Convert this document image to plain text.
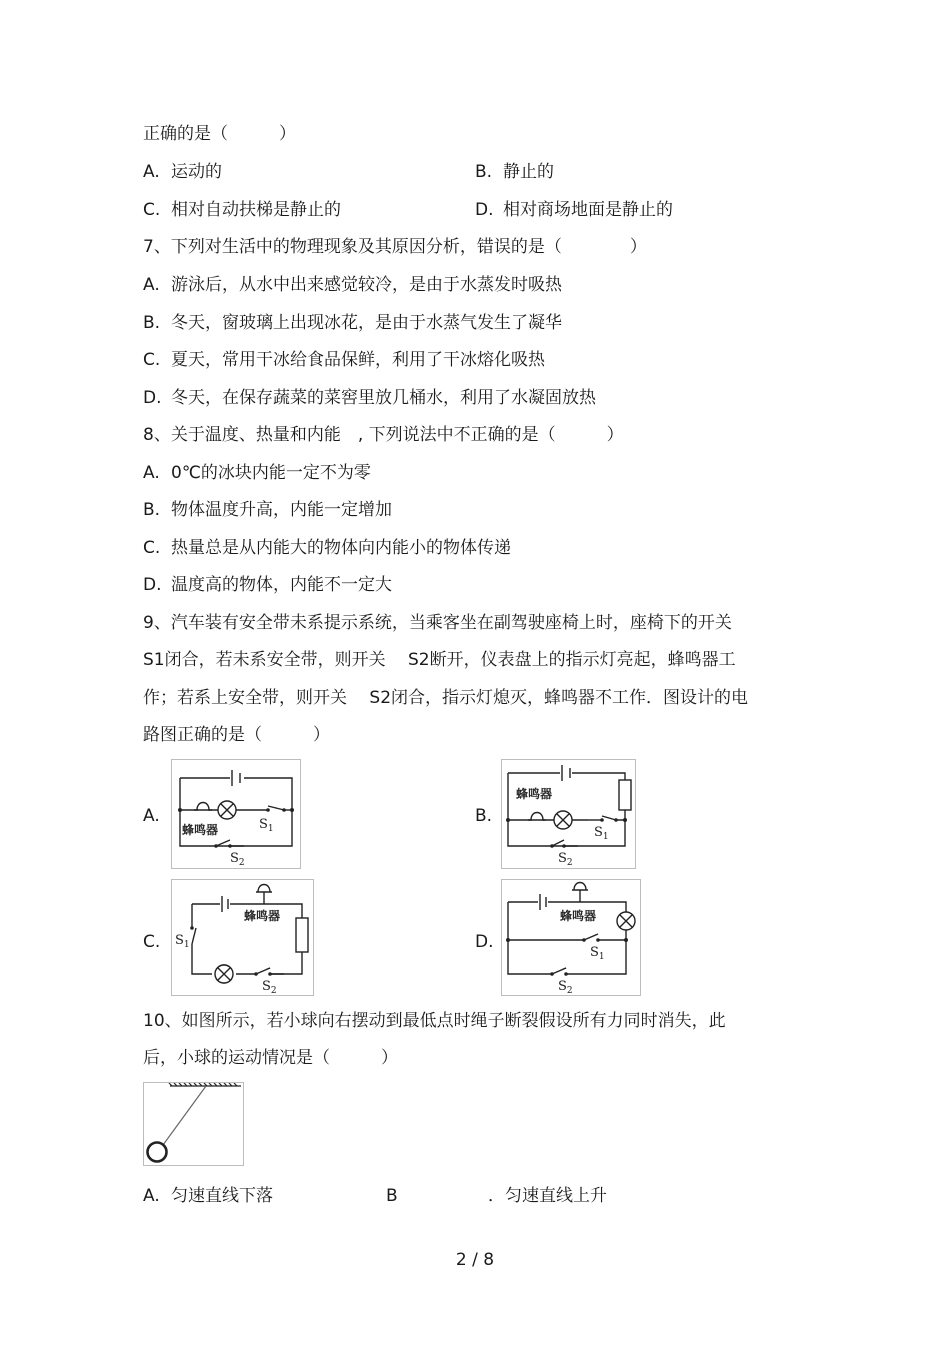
正确的是（　　　）
A. 运动的	B. 静止的
C. 相对自动扶梯是静止的	D. 相对商场地面是静止的
7、下列对生活中的物理现象及其原因分析，错误的是（　　　　）
A. 游泳后，从水中出来感觉较冷，是由于水蒸发时吸热
B. 冬天，窗玻璃上出现冰花，是由于水蒸气发生了凝华
C. 夏天，常用干冰给食品保鲜，利用了干冰熔化吸热
D. 冬天，在保存蔬菜的菜窖里放几桶水，利用了水凝固放热
8、关于温度、热量和内能　, 下列说法中不正确的是（　　　）
A. 0℃的冰块内能一定不为零
B. 物体温度升高，内能一定增加
C. 热量总是从内能大的物体向内能小的物体传递
D. 温度高的物体，内能不一定大
9、汽车装有安全带未系提示系统，当乘客坐在副驾驶座椅上时，座椅下的开关
S1闭合，若未系安全带，则开关　 S2断开，仪表盘上的指示灯亮起，蜂鸣器工
作；若系上安全带，则开关　 S2闭合，指示灯熄灭，蜂鸣器不工作．图设计的电
路图正确的是（　　　）
A.
蜂鸣器	$S_1$
$S_2$
B.
蜂鸣器
$S_1$
$S_2$
C.
蜂鸣器
$S_1$
$S_2$
D.
蜂鸣器
$S_1$
$S_2$
10、如图所示，若小球向右摆动到最低点时绳子断裂假设所有力同时消失，此
后，小球的运动情况是（　　　）
A. 匀速直线下落	B	．匀速直线上升
2 / 8
